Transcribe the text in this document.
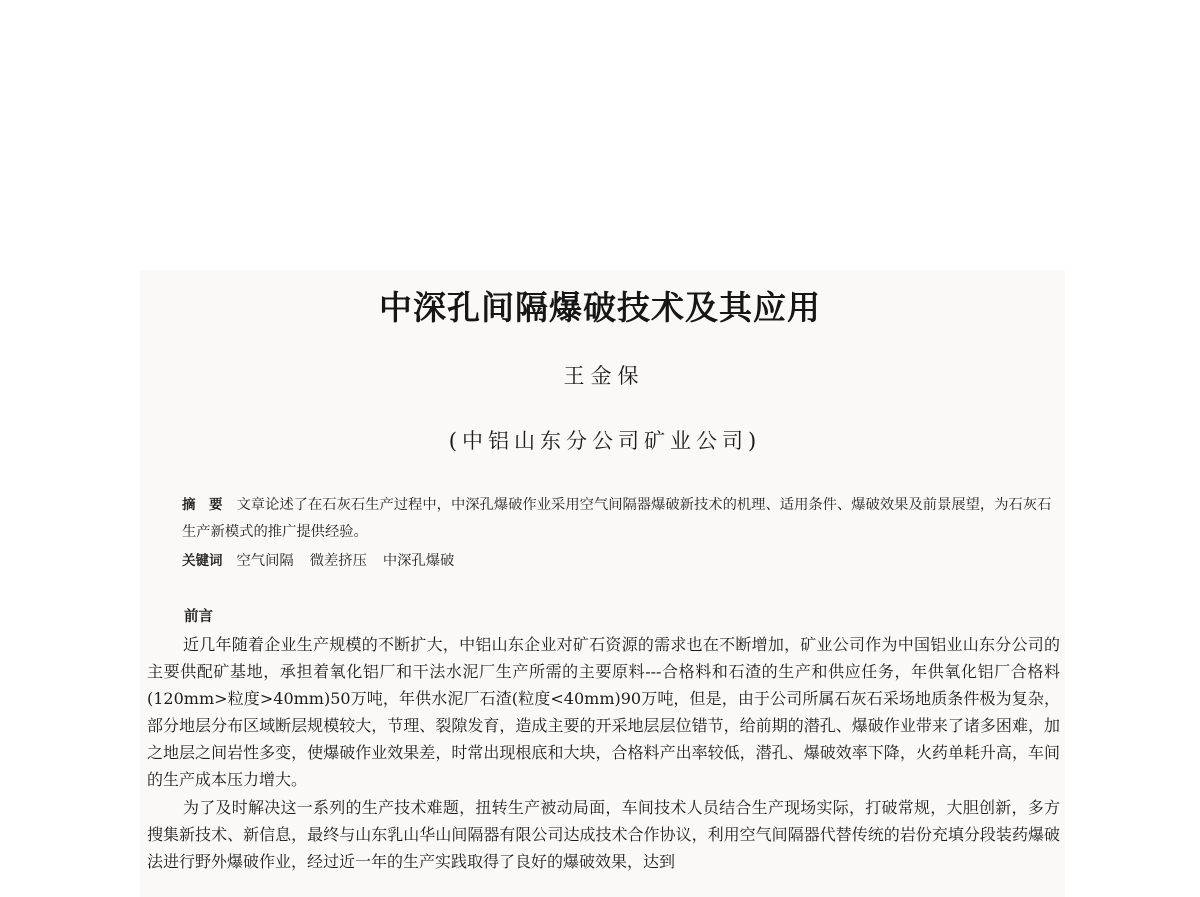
中深孔间隔爆破技术及其应用
王金保
(中铝山东分公司矿业公司)
摘　要 文章论述了在石灰石生产过程中，中深孔爆破作业采用空气间隔器爆破新技术的机理、适用条件、爆破效果及前景展望，为石灰石生产新模式的推广提供经验。
关键词 空气间隔 微差挤压 中深孔爆破
前言

近几年随着企业生产规模的不断扩大，中铝山东企业对矿石资源的需求也在不断增加，矿业公司作为中国铝业山东分公司的主要供配矿基地，承担着氧化铝厂和干法水泥厂生产所需的主要原料---合格料和石渣的生产和供应任务，年供氧化铝厂合格料(120mm>粒度>40mm)50万吨，年供水泥厂石渣(粒度<40mm)90万吨，但是，由于公司所属石灰石采场地质条件极为复杂，部分地层分布区域断层规模较大，节理、裂隙发育，造成主要的开采地层层位错节，给前期的潜孔、爆破作业带来了诸多困难，加之地层之间岩性多变，使爆破作业效果差，时常出现根底和大块，合格料产出率较低，潜孔、爆破效率下降，火药单耗升高，车间的生产成本压力增大。

为了及时解决这一系列的生产技术难题，扭转生产被动局面，车间技术人员结合生产现场实际，打破常规，大胆创新，多方搜集新技术、新信息，最终与山东乳山华山间隔器有限公司达成技术合作协议，利用空气间隔器代替传统的岩份充填分段装药爆破法进行野外爆破作业，经过近一年的生产实践取得了良好的爆破效果，达到
